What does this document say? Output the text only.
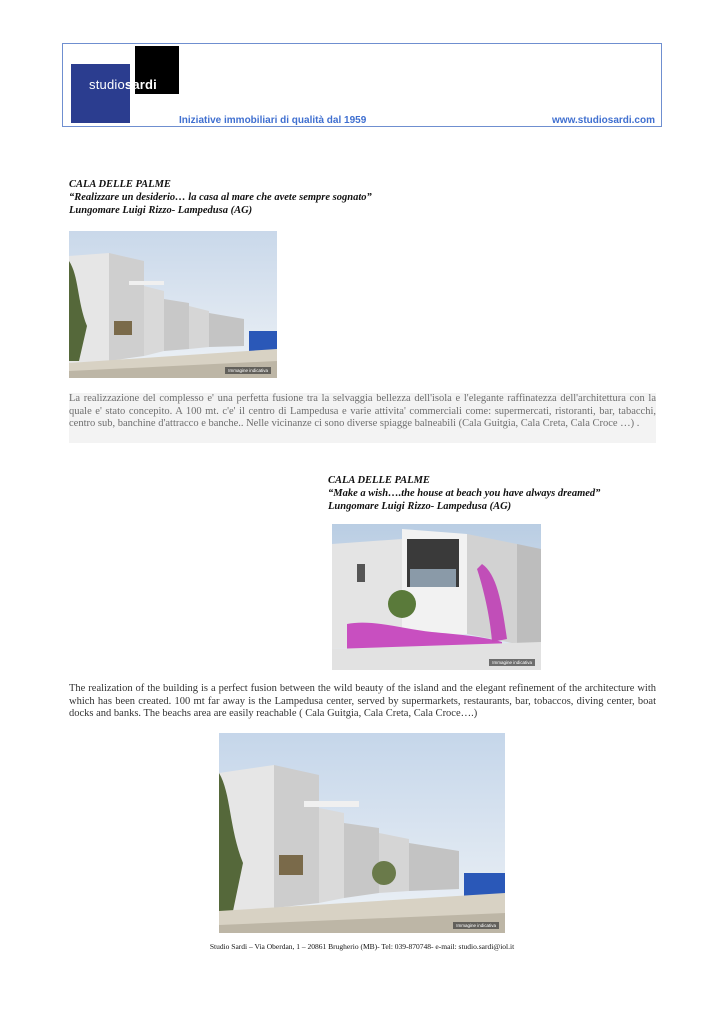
studiosardi
Iniziative immobiliari di qualità dal 1959	www.studiosardi.com
CALA DELLE PALME
“Realizzare un desiderio… la casa al mare che avete sempre sognato”
Lungomare Luigi Rizzo- Lampedusa (AG)
Immagine indicativa
La realizzazione del complesso e' una perfetta fusione tra la selvaggia bellezza dell'isola e l'elegante raffinatezza dell'architettura con la quale e' stato concepito. A 100 mt. c'e' il centro di Lampedusa e varie attivita' commerciali come: supermercati, ristoranti, bar, tabacchi, centro sub, banchine d'attracco e banche.. Nelle vicinanze ci sono diverse spiagge balneabili (Cala Guitgia, Cala Creta, Cala Croce …) .
CALA DELLE PALME
“Make a wish….the house at beach you have always dreamed”
Lungomare Luigi Rizzo- Lampedusa (AG)
Immagine indicativa
The realization of the building is a perfect fusion between the wild beauty of the island and the elegant refinement of the architecture with which has been created. 100 mt far away is the Lampedusa center, served by supermarkets, restaurants, bar, tobaccos, diving center, boat docks and banks. The beachs area are easily reachable ( Cala Guitgia, Cala Creta, Cala Croce….)
Immagine indicativa
Studio Sardi – Via Oberdan, 1 – 20861 Brugherio (MB)- Tel: 039-870748- e-mail: studio.sardi@iol.it
